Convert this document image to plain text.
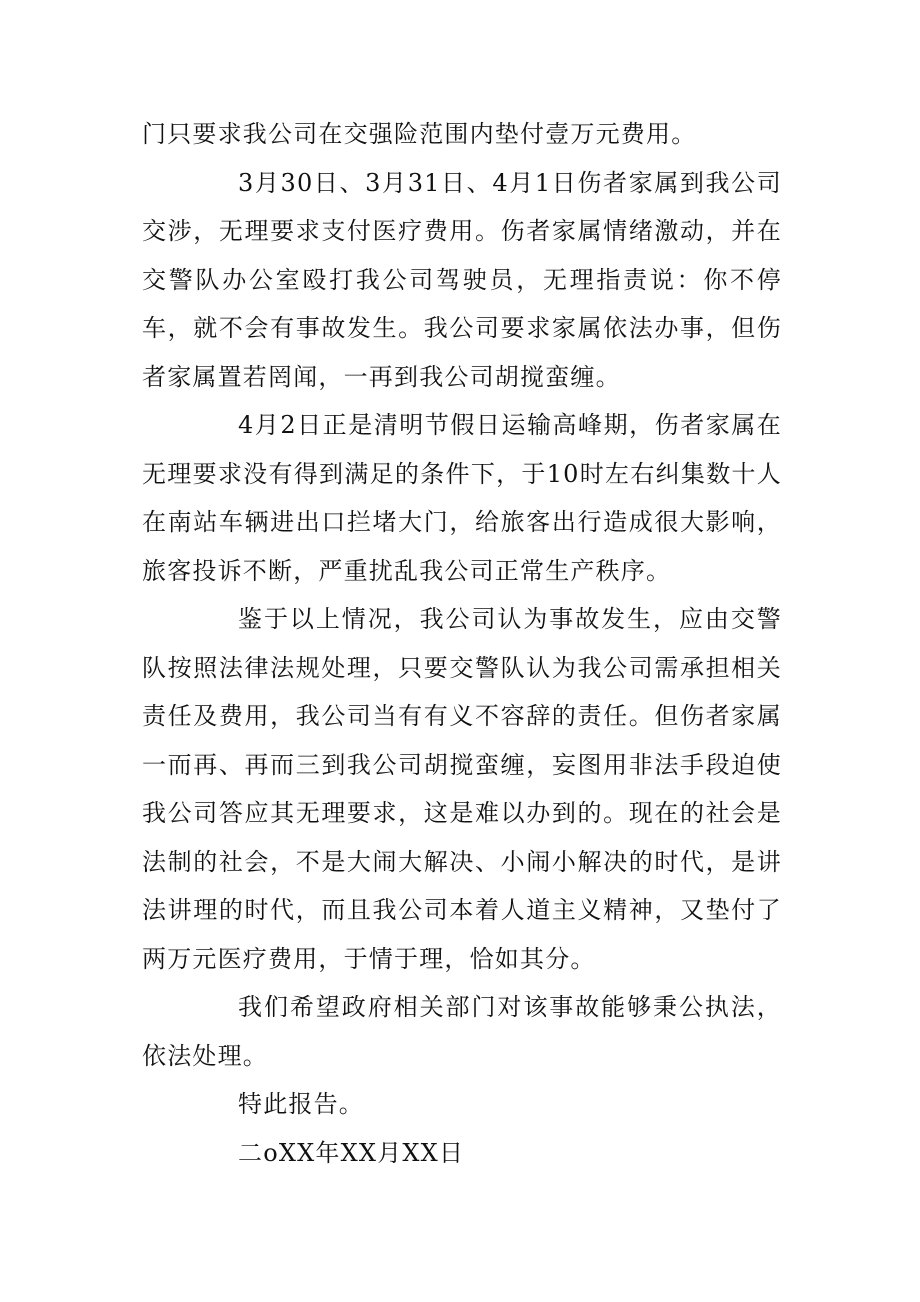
门只要求我公司在交强险范围内垫付壹万元费用。

3月30日、3月31日、4月1日伤者家属到我公司交涉，无理要求支付医疗费用。伤者家属情绪激动，并在交警队办公室殴打我公司驾驶员，无理指责说：你不停车，就不会有事故发生。我公司要求家属依法办事，但伤者家属置若罔闻，一再到我公司胡搅蛮缠。

4月2日正是清明节假日运输高峰期，伤者家属在无理要求没有得到满足的条件下，于10时左右纠集数十人在南站车辆进出口拦堵大门，给旅客出行造成很大影响，旅客投诉不断，严重扰乱我公司正常生产秩序。

鉴于以上情况，我公司认为事故发生，应由交警队按照法律法规处理，只要交警队认为我公司需承担相关责任及费用，我公司当有有义不容辞的责任。但伤者家属一而再、再而三到我公司胡搅蛮缠，妄图用非法手段迫使我公司答应其无理要求，这是难以办到的。现在的社会是法制的社会，不是大闹大解决、小闹小解决的时代，是讲法讲理的时代，而且我公司本着人道主义精神，又垫付了两万元医疗费用，于情于理，恰如其分。

我们希望政府相关部门对该事故能够秉公执法，依法处理。

特此报告。

二oXX年XX月XX日
